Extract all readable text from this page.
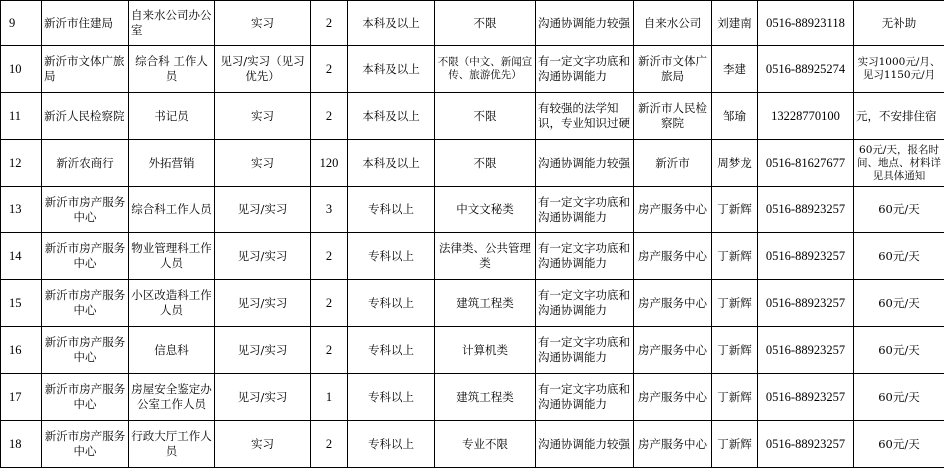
9	新沂市住建局	自来水公司办公室	实习	2	本科及以上	不限	沟通协调能力较强	自来水公司	刘建南	0516-88923118	无补助
10	新沂市文体广旅局	综合科 工作人员	见习/实习（见习优先）	2	本科及以上	不限（中文、新闻宣传、旅游优先）	有一定文字功底和沟通协调能力	新沂市文体广旅局	李建	0516-88925274	实习1000元/月、见习1150元/月
11	新沂人民检察院	书记员	实习	2	本科及以上	不限	有较强的法学知识，专业知识过硬	新沂市人民检察院	邹瑜	13228770100	元，不安排住宿
12	新沂农商行	外拓营销	实习	120	本科及以上	不限	沟通协调能力较强	新沂市	周梦龙	0516-81627677	60元/天，报名时间、地点、材料详见具体通知
13	新沂市房产服务中心	综合科工作人员	见习/实习	3	专科以上	中文文秘类	有一定文字功底和沟通协调能力	房产服务中心	丁新辉	0516-88923257	60元/天
14	新沂市房产服务中心	物业管理科工作人员	见习/实习	2	专科以上	法律类、公共管理类	有一定文字功底和沟通协调能力	房产服务中心	丁新辉	0516-88923257	60元/天
15	新沂市房产服务中心	小区改造科工作人员	见习/实习	2	专科以上	建筑工程类	有一定文字功底和沟通协调能力	房产服务中心	丁新辉	0516-88923257	60元/天
16	新沂市房产服务中心	信息科	见习/实习	2	专科以上	计算机类	有一定文字功底和沟通协调能力	房产服务中心	丁新辉	0516-88923257	60元/天
17	新沂市房产服务中心	房屋安全鉴定办公室工作人员	见习/实习	1	专科以上	建筑工程类	有一定文字功底和沟通协调能力	房产服务中心	丁新辉	0516-88923257	60元/天
18	新沂市房产服务中心	行政大厅工作人员	实习	2	专科以上	专业不限	沟通协调能力较强	房产服务中心	丁新辉	0516-88923257	60元/天
